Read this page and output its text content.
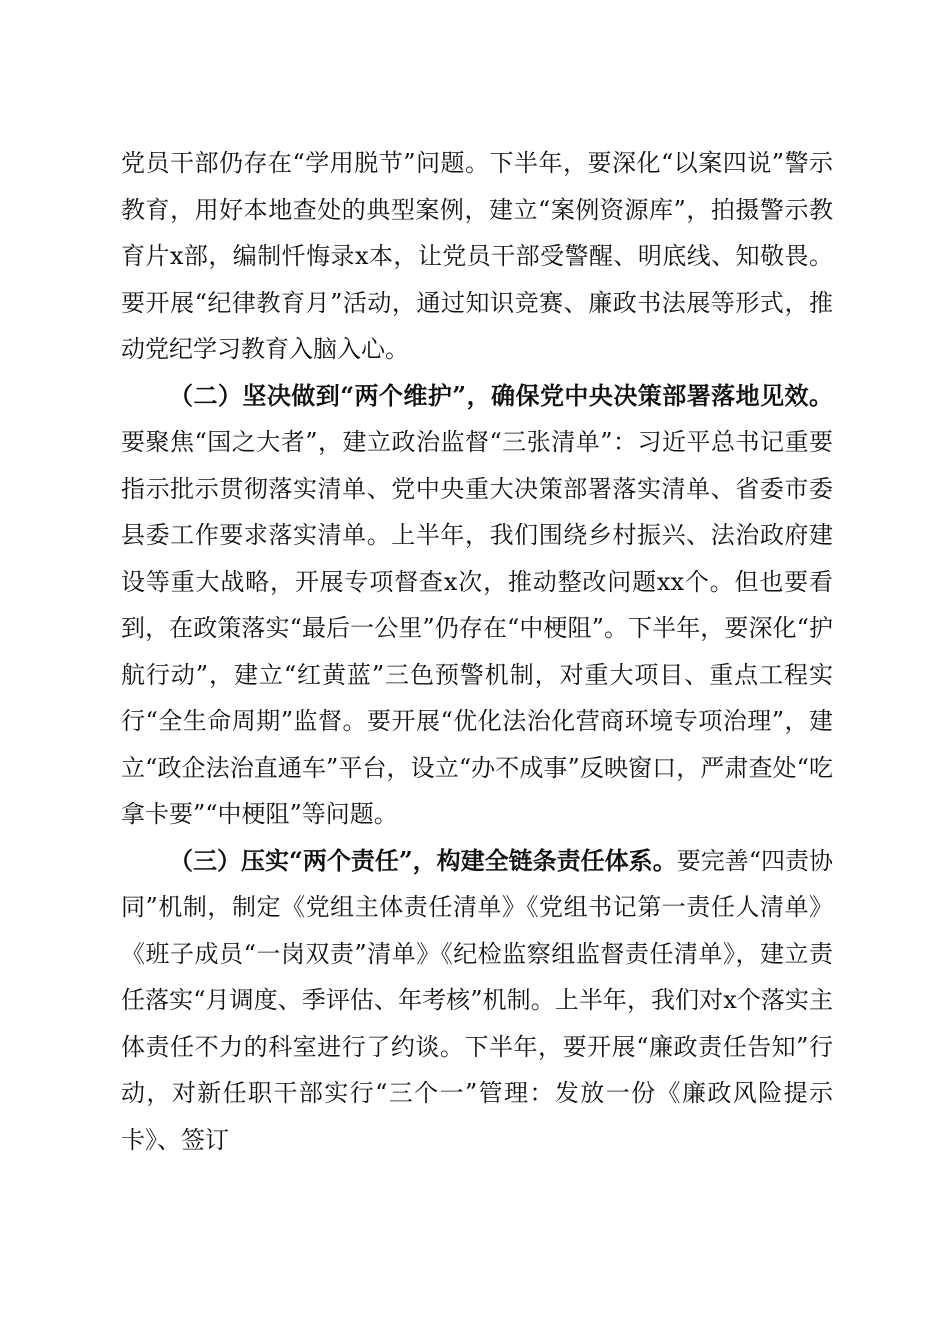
党员干部仍存在“学用脱节”问题。下半年，要深化“以案四说”警示教育，用好本地查处的典型案例，建立“案例资源库”，拍摄警示教育片x部，编制忏悔录x本，让党员干部受警醒、明底线、知敬畏。要开展“纪律教育月”活动，通过知识竞赛、廉政书法展等形式，推动党纪学习教育入脑入心。

（二）坚决做到“两个维护”，确保党中央决策部署落地见效。要聚焦“国之大者”，建立政治监督“三张清单”：习近平总书记重要指示批示贯彻落实清单、党中央重大决策部署落实清单、省委市委县委工作要求落实清单。上半年，我们围绕乡村振兴、法治政府建设等重大战略，开展专项督查x次，推动整改问题xx个。但也要看到，在政策落实“最后一公里”仍存在“中梗阻”。下半年，要深化“护航行动”，建立“红黄蓝”三色预警机制，对重大项目、重点工程实行“全生命周期”监督。要开展“优化法治化营商环境专项治理”，建立“政企法治直通车”平台，设立“办不成事”反映窗口，严肃查处“吃拿卡要”“中梗阻”等问题。

（三）压实“两个责任”，构建全链条责任体系。要完善“四责协同”机制，制定《党组主体责任清单》《党组书记第一责任人清单》《班子成员“一岗双责”清单》《纪检监察组监督责任清单》，建立责任落实“月调度、季评估、年考核”机制。上半年，我们对x个落实主体责任不力的科室进行了约谈。下半年，要开展“廉政责任告知”行动，对新任职干部实行“三个一”管理：发放一份《廉政风险提示卡》、签订
